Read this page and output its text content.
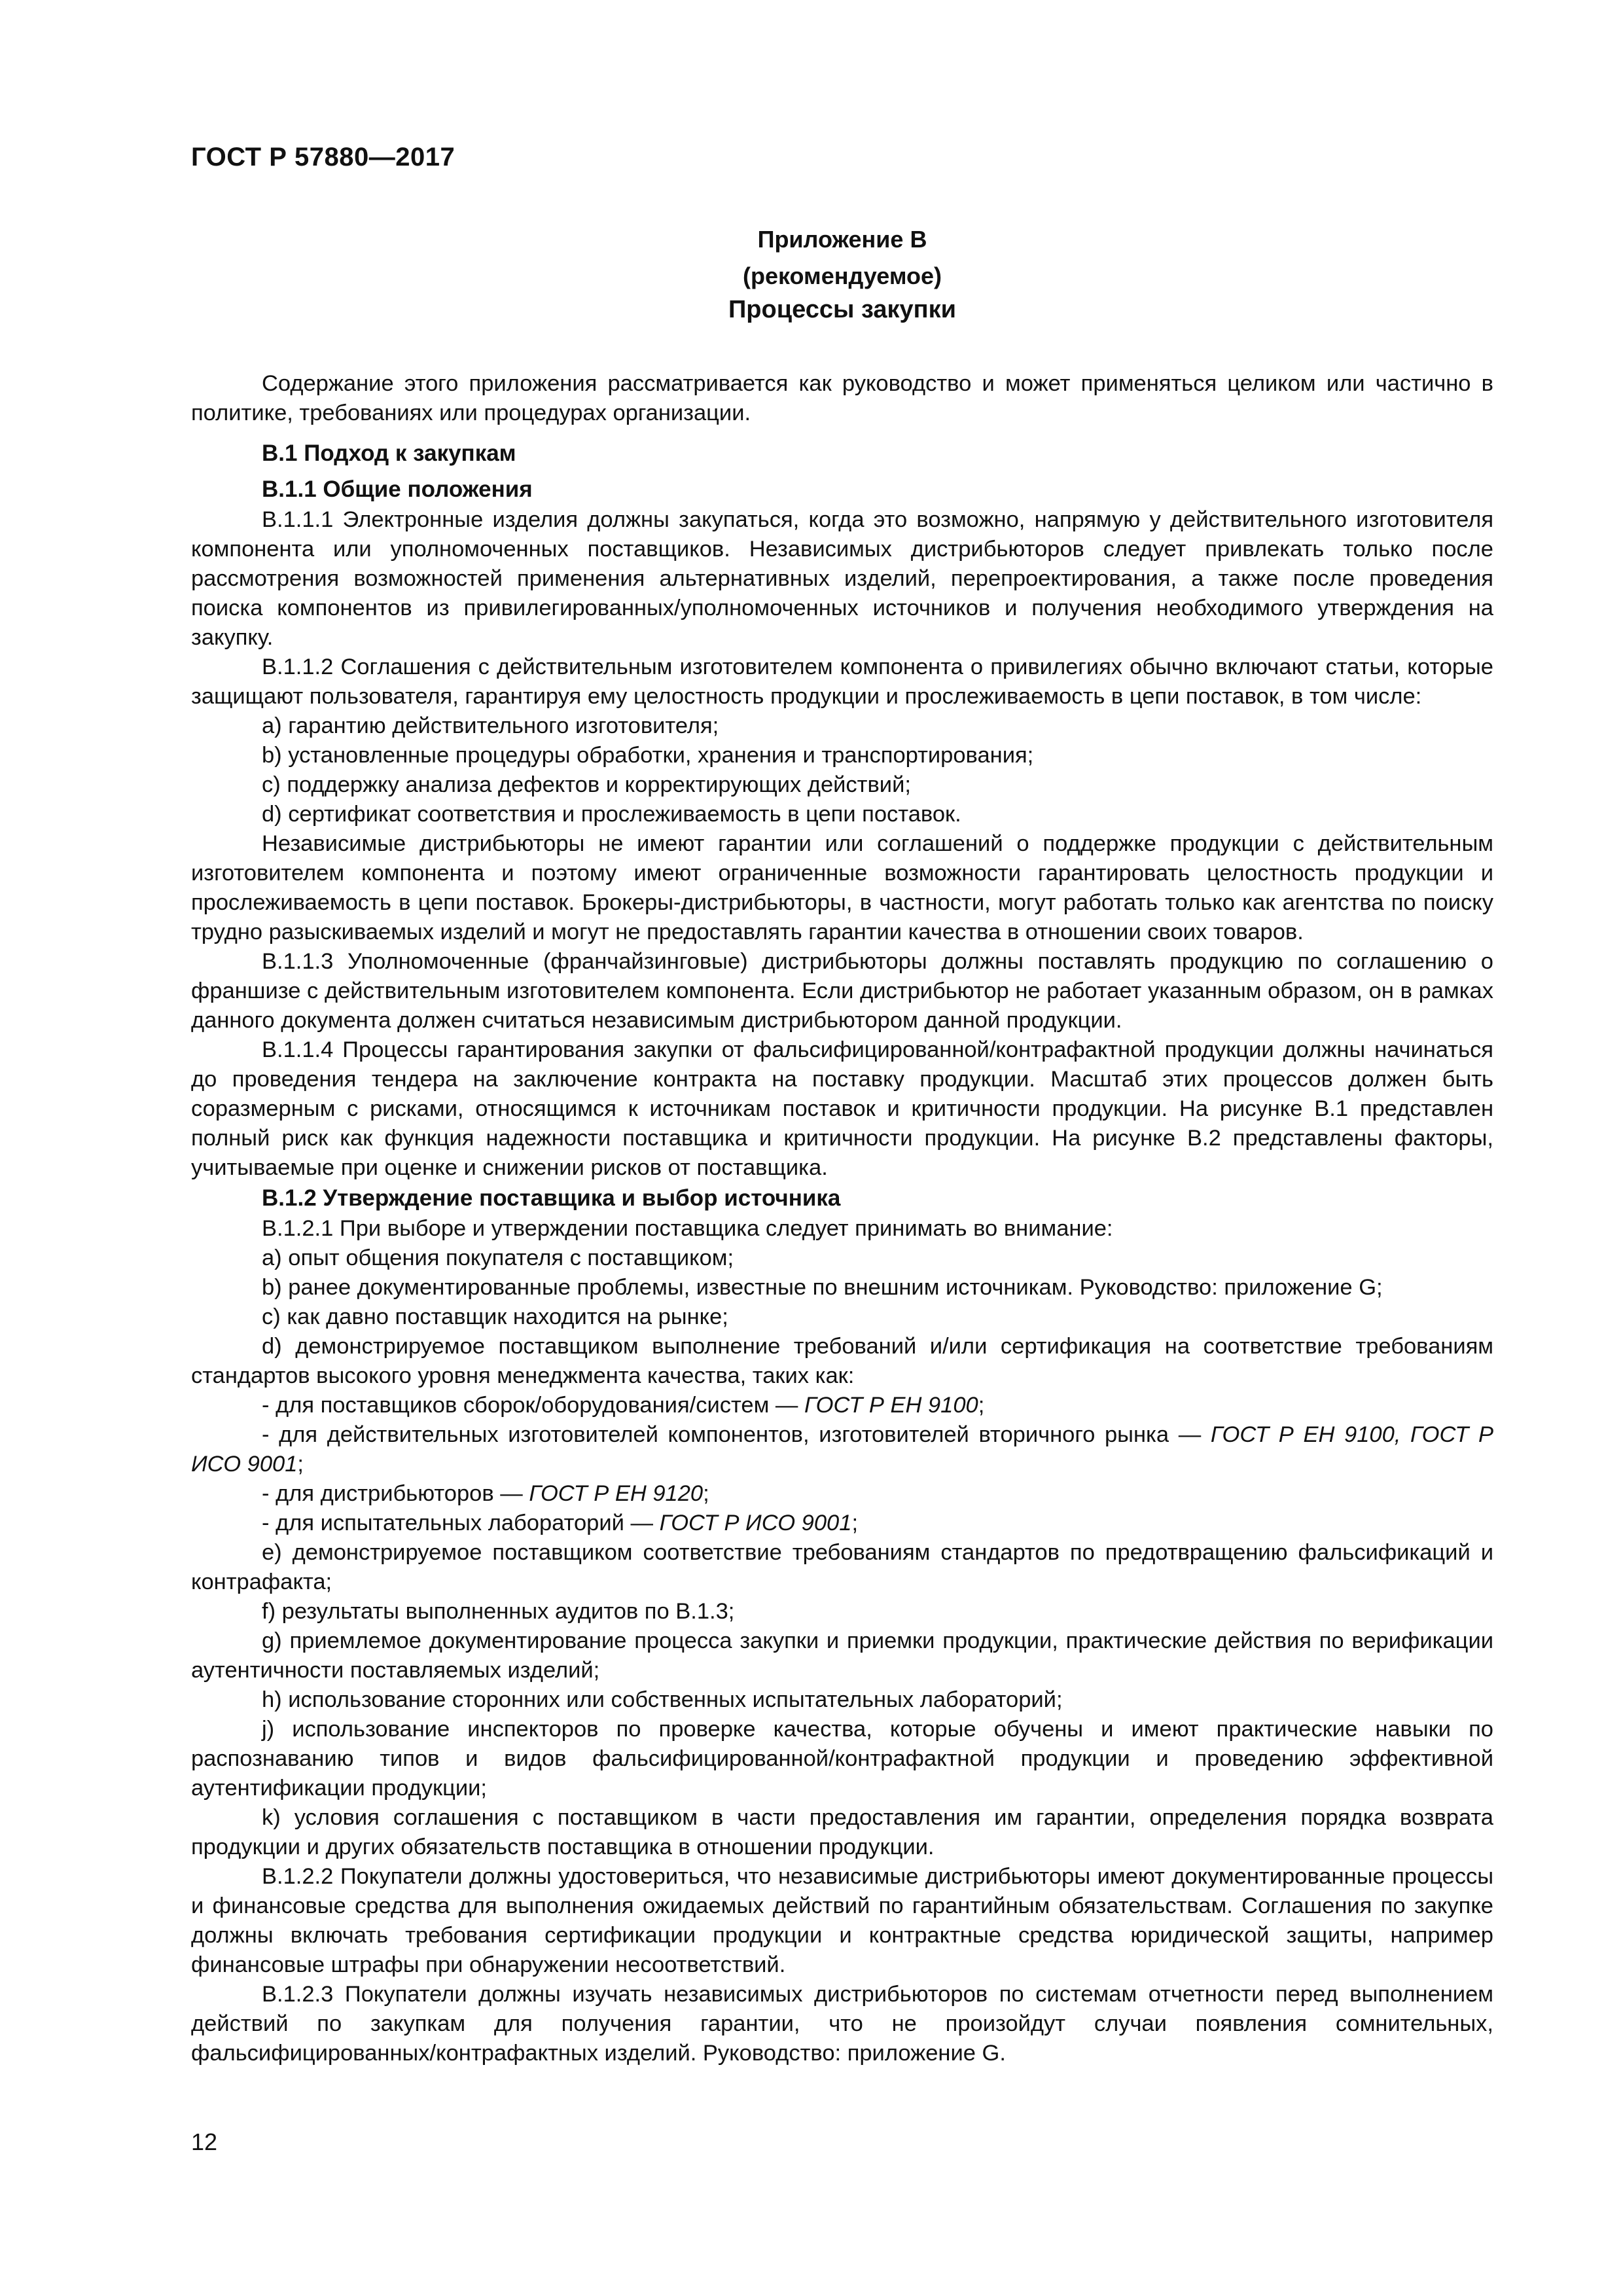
ГОСТ Р 57880—2017
Приложение В
(рекомендуемое)
Процессы закупки

Содержание этого приложения рассматривается как руководство и может применяться целиком или частично в политике, требованиях или процедурах организации.

В.1 Подход к закупкам
В.1.1 Общие положения

В.1.1.1 Электронные изделия должны закупаться, когда это возможно, напрямую у действительного изготовителя компонента или уполномоченных поставщиков. Независимых дистрибьюторов следует привлекать только после рассмотрения возможностей применения альтернативных изделий, перепроектирования, а также после проведения поиска компонентов из привилегированных/уполномоченных источников и получения необходимого утверждения на закупку.

В.1.1.2 Соглашения с действительным изготовителем компонента о привилегиях обычно включают статьи, которые защищают пользователя, гарантируя ему целостность продукции и прослеживаемость в цепи поставок, в том числе:

a) гарантию действительного изготовителя;

b) установленные процедуры обработки, хранения и транспортирования;

c) поддержку анализа дефектов и корректирующих действий;

d) сертификат соответствия и прослеживаемость в цепи поставок.

Независимые дистрибьюторы не имеют гарантии или соглашений о поддержке продукции с действительным изготовителем компонента и поэтому имеют ограниченные возможности гарантировать целостность продукции и прослеживаемость в цепи поставок. Брокеры-дистрибьюторы, в частности, могут работать только как агентства по поиску трудно разыскиваемых изделий и могут не предоставлять гарантии качества в отношении своих товаров.

В.1.1.3 Уполномоченные (франчайзинговые) дистрибьюторы должны поставлять продукцию по соглашению о франшизе с действительным изготовителем компонента. Если дистрибьютор не работает указанным образом, он в рамках данного документа должен считаться независимым дистрибьютором данной продукции.

В.1.1.4 Процессы гарантирования закупки от фальсифицированной/контрафактной продукции должны начинаться до проведения тендера на заключение контракта на поставку продукции. Масштаб этих процессов должен быть соразмерным с рисками, относящимся к источникам поставок и критичности продукции. На рисунке В.1 представлен полный риск как функция надежности поставщика и критичности продукции. На рисунке В.2 представлены факторы, учитываемые при оценке и снижении рисков от поставщика.

В.1.2 Утверждение поставщика и выбор источника

В.1.2.1 При выборе и утверждении поставщика следует принимать во внимание:

a) опыт общения покупателя с поставщиком;

b) ранее документированные проблемы, известные по внешним источникам. Руководство: приложение G;

c) как давно поставщик находится на рынке;

d) демонстрируемое поставщиком выполнение требований и/или сертификация на соответствие требованиям стандартов высокого уровня менеджмента качества, таких как:

- для поставщиков сборок/оборудования/систем — ГОСТ Р ЕН 9100;

- для действительных изготовителей компонентов, изготовителей вторичного рынка — ГОСТ Р ЕН 9100, ГОСТ Р ИСО 9001;

- для дистрибьюторов — ГОСТ Р ЕН 9120;

- для испытательных лабораторий — ГОСТ Р ИСО 9001;

e) демонстрируемое поставщиком соответствие требованиям стандартов по предотвращению фальсификаций и контрафакта;

f) результаты выполненных аудитов по В.1.3;

g) приемлемое документирование процесса закупки и приемки продукции, практические действия по верификации аутентичности поставляемых изделий;

h) использование сторонних или собственных испытательных лабораторий;

j) использование инспекторов по проверке качества, которые обучены и имеют практические навыки по распознаванию типов и видов фальсифицированной/контрафактной продукции и проведению эффективной аутентификации продукции;

k) условия соглашения с поставщиком в части предоставления им гарантии, определения порядка возврата продукции и других обязательств поставщика в отношении продукции.

В.1.2.2 Покупатели должны удостовериться, что независимые дистрибьюторы имеют документированные процессы и финансовые средства для выполнения ожидаемых действий по гарантийным обязательствам. Соглашения по закупке должны включать требования сертификации продукции и контрактные средства юридической защиты, например финансовые штрафы при обнаружении несоответствий.

В.1.2.3 Покупатели должны изучать независимых дистрибьюторов по системам отчетности перед выполнением действий по закупкам для получения гарантии, что не произойдут случаи появления сомнительных, фальсифицированных/контрафактных изделий. Руководство: приложение G.

12
